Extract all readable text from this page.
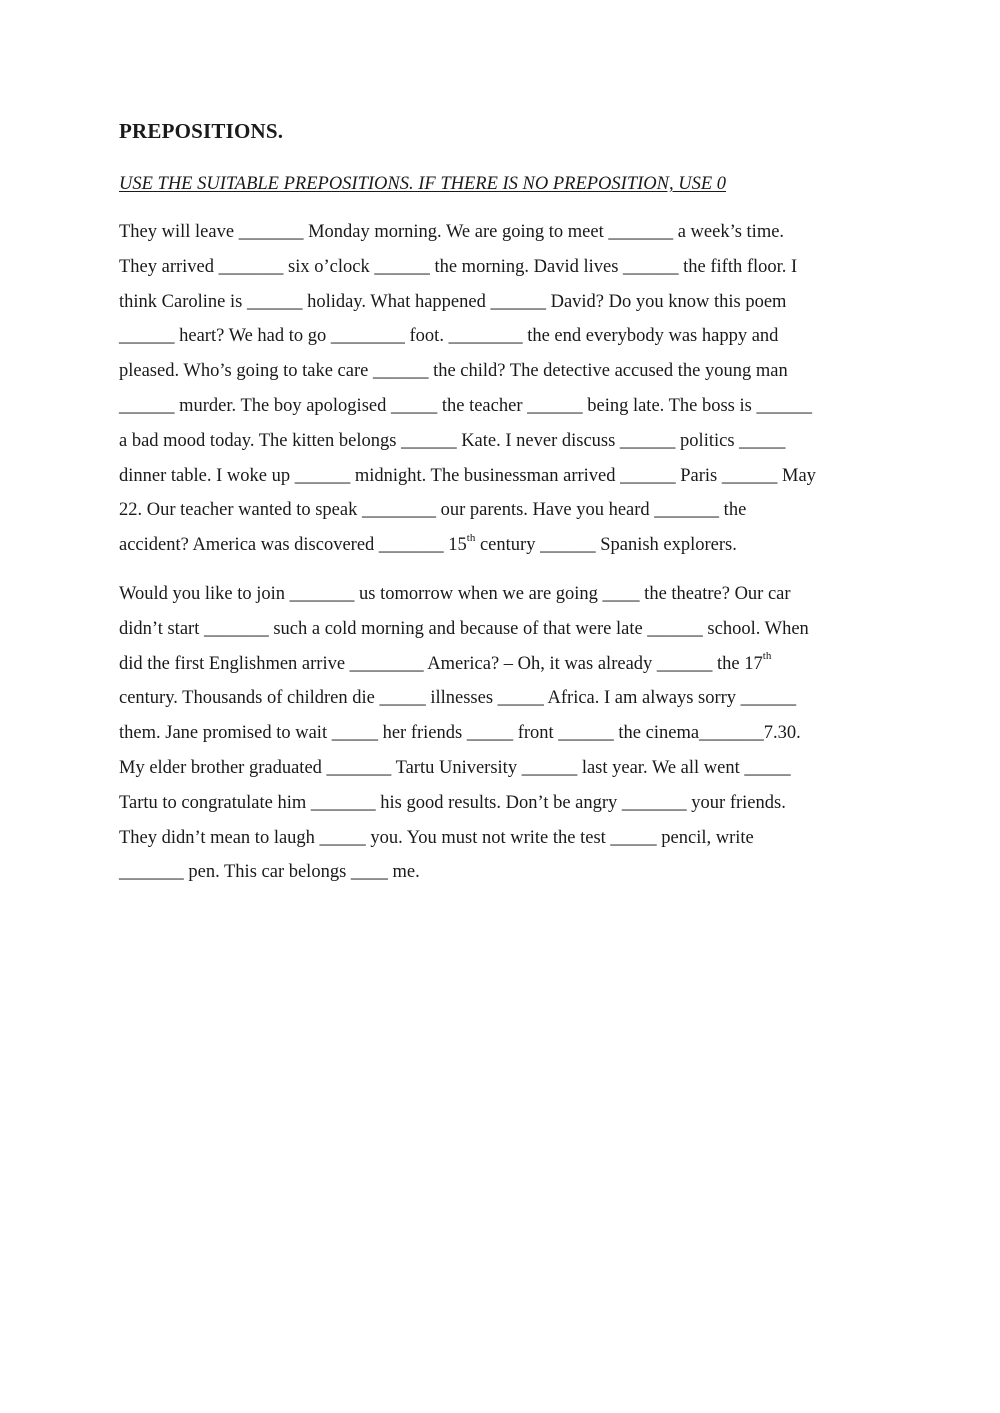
PREPOSITIONS.

USE THE SUITABLE PREPOSITIONS. IF THERE IS NO PREPOSITION, USE 0

They will leave _______ Monday morning. We are going to meet _______ a week’s time.
They arrived _______ six o’clock ______ the morning. David lives ______ the fifth floor. I
think Caroline is ______ holiday. What happened ______ David? Do you know this poem
______ heart? We had to go ________ foot. ________ the end everybody was happy and
pleased. Who’s going to take care ______ the child? The detective accused the young man
______ murder. The boy apologised _____ the teacher ______ being late. The boss is ______
a bad mood today. The kitten belongs ______ Kate. I never discuss ______ politics _____
dinner table. I woke up ______ midnight. The businessman arrived ______ Paris ______ May
22. Our teacher wanted to speak ________ our parents. Have you heard _______ the
accident? America was discovered _______ 15th century ______ Spanish explorers.
Would you like to join _______ us tomorrow when we are going ____ the theatre? Our car
didn’t start _______ such a cold morning and because of that were late ______ school. When
did the first Englishmen arrive ________ America? – Oh, it was already ______ the 17th
century. Thousands of children die _____ illnesses _____ Africa. I am always sorry ______
them. Jane promised to wait _____ her friends _____ front ______ the cinema_______7.30.
My elder brother graduated _______ Tartu University ______ last year. We all went _____
Tartu to congratulate him _______ his good results. Don’t be angry _______ your friends.
They didn’t mean to laugh _____ you. You must not write the test _____ pencil, write
_______ pen. This car belongs ____ me.
